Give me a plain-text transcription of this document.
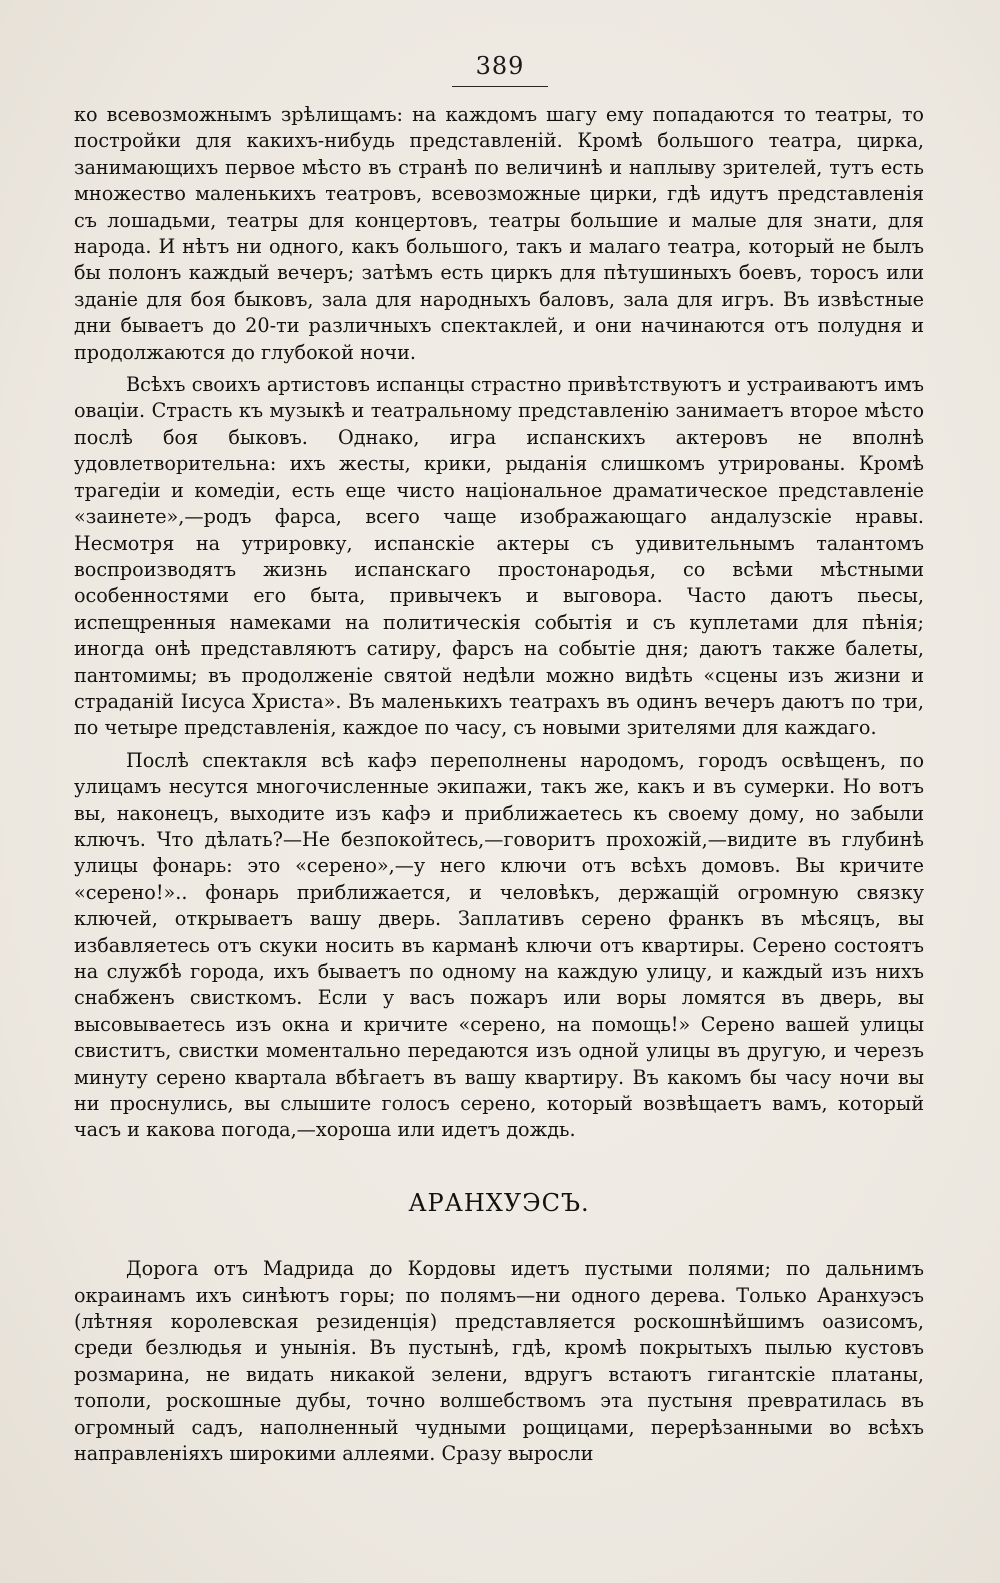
389

ко всевозможнымъ зрѣлищамъ: на каждомъ шагу ему попадаются то театры, то постройки для какихъ-нибудь представленій. Кромѣ большого театра, цирка, занимающихъ первое мѣсто въ странѣ по величинѣ и наплыву зрителей, тутъ есть множество маленькихъ театровъ, всевозможные цирки, гдѣ идутъ представленія съ лошадьми, театры для концертовъ, театры большие и малые для знати, для народа. И нѣтъ ни одного, какъ большого, такъ и малаго театра, который не былъ бы полонъ каждый вечеръ; затѣмъ есть циркъ для пѣтушиныхъ боевъ, торосъ или зданіе для боя быковъ, зала для народныхъ баловъ, зала для игръ. Въ извѣстные дни бываетъ до 20-ти различныхъ спектаклей, и они начинаются отъ полудня и продолжаются до глубокой ночи.

Всѣхъ своихъ артистовъ испанцы страстно привѣтствуютъ и устраиваютъ имъ оваціи. Страсть къ музыкѣ и театральному представленію занимаетъ второе мѣсто послѣ боя быковъ. Однако, игра испанскихъ актеровъ не вполнѣ удовлетворительна: ихъ жесты, крики, рыданія слишкомъ утрированы. Кромѣ трагедіи и комедіи, есть еще чисто національное драматическое представленіе «заинете»,—родъ фарса, всего чаще изображающаго андалузскіе нравы. Несмотря на утрировку, испанскіе актеры съ удивительнымъ талантомъ воспроизводятъ жизнь испанскаго простонародья, со всѣми мѣстными особенностями его быта, привычекъ и выговора. Часто даютъ пьесы, испещренныя намеками на политическія событія и съ куплетами для пѣнія; иногда онѣ представляютъ сатиру, фарсъ на событіе дня; даютъ также балеты, пантомимы; въ продолженіе святой недѣли можно видѣть «сцены изъ жизни и страданій Іисуса Христа». Въ маленькихъ театрахъ въ одинъ вечеръ даютъ по три, по четыре представленія, каждое по часу, съ новыми зрителями для каждаго.

Послѣ спектакля всѣ кафэ переполнены народомъ, городъ освѣщенъ, по улицамъ несутся многочисленные экипажи, такъ же, какъ и въ сумерки. Но вотъ вы, наконецъ, выходите изъ кафэ и приближаетесь къ своему дому, но забыли ключъ. Что дѣлать?—Не безпокойтесь,—говоритъ прохожій,—видите въ глубинѣ улицы фонарь: это «серено»,—у него ключи отъ всѣхъ домовъ. Вы кричите «серено!».. фонарь приближается, и человѣкъ, держащій огромную связку ключей, открываетъ вашу дверь. Заплативъ серено франкъ въ мѣсяцъ, вы избавляетесь отъ скуки носить въ карманѣ ключи отъ квартиры. Серено состоятъ на службѣ города, ихъ бываетъ по одному на каждую улицу, и каждый изъ нихъ снабженъ свисткомъ. Если у васъ пожаръ или воры ломятся въ дверь, вы высовываетесь изъ окна и кричите «серено, на помощь!» Серено вашей улицы свиститъ, свистки моментально передаются изъ одной улицы въ другую, и черезъ минуту серено квартала вбѣгаетъ въ вашу квартиру. Въ какомъ бы часу ночи вы ни проснулись, вы слышите голосъ серено, который возвѣщаетъ вамъ, который часъ и какова погода,—хороша или идетъ дождь.

АРАНХУЭСЪ.

Дорога отъ Мадрида до Кордовы идетъ пустыми полями; по дальнимъ окраинамъ ихъ синѣютъ горы; по полямъ—ни одного дерева. Только Аранхуэсъ (лѣтняя королевская резиденція) представляется роскошнѣйшимъ оазисомъ, среди безлюдья и унынія. Въ пустынѣ, гдѣ, кромѣ покрытыхъ пылью кустовъ розмарина, не видать никакой зелени, вдругъ встаютъ гигантскіе платаны, тополи, роскошные дубы, точно волшебствомъ эта пустыня превратилась въ огромный садъ, наполненный чудными рощицами, перерѣзанными во всѣхъ направленіяхъ широкими аллеями. Сразу выросли
